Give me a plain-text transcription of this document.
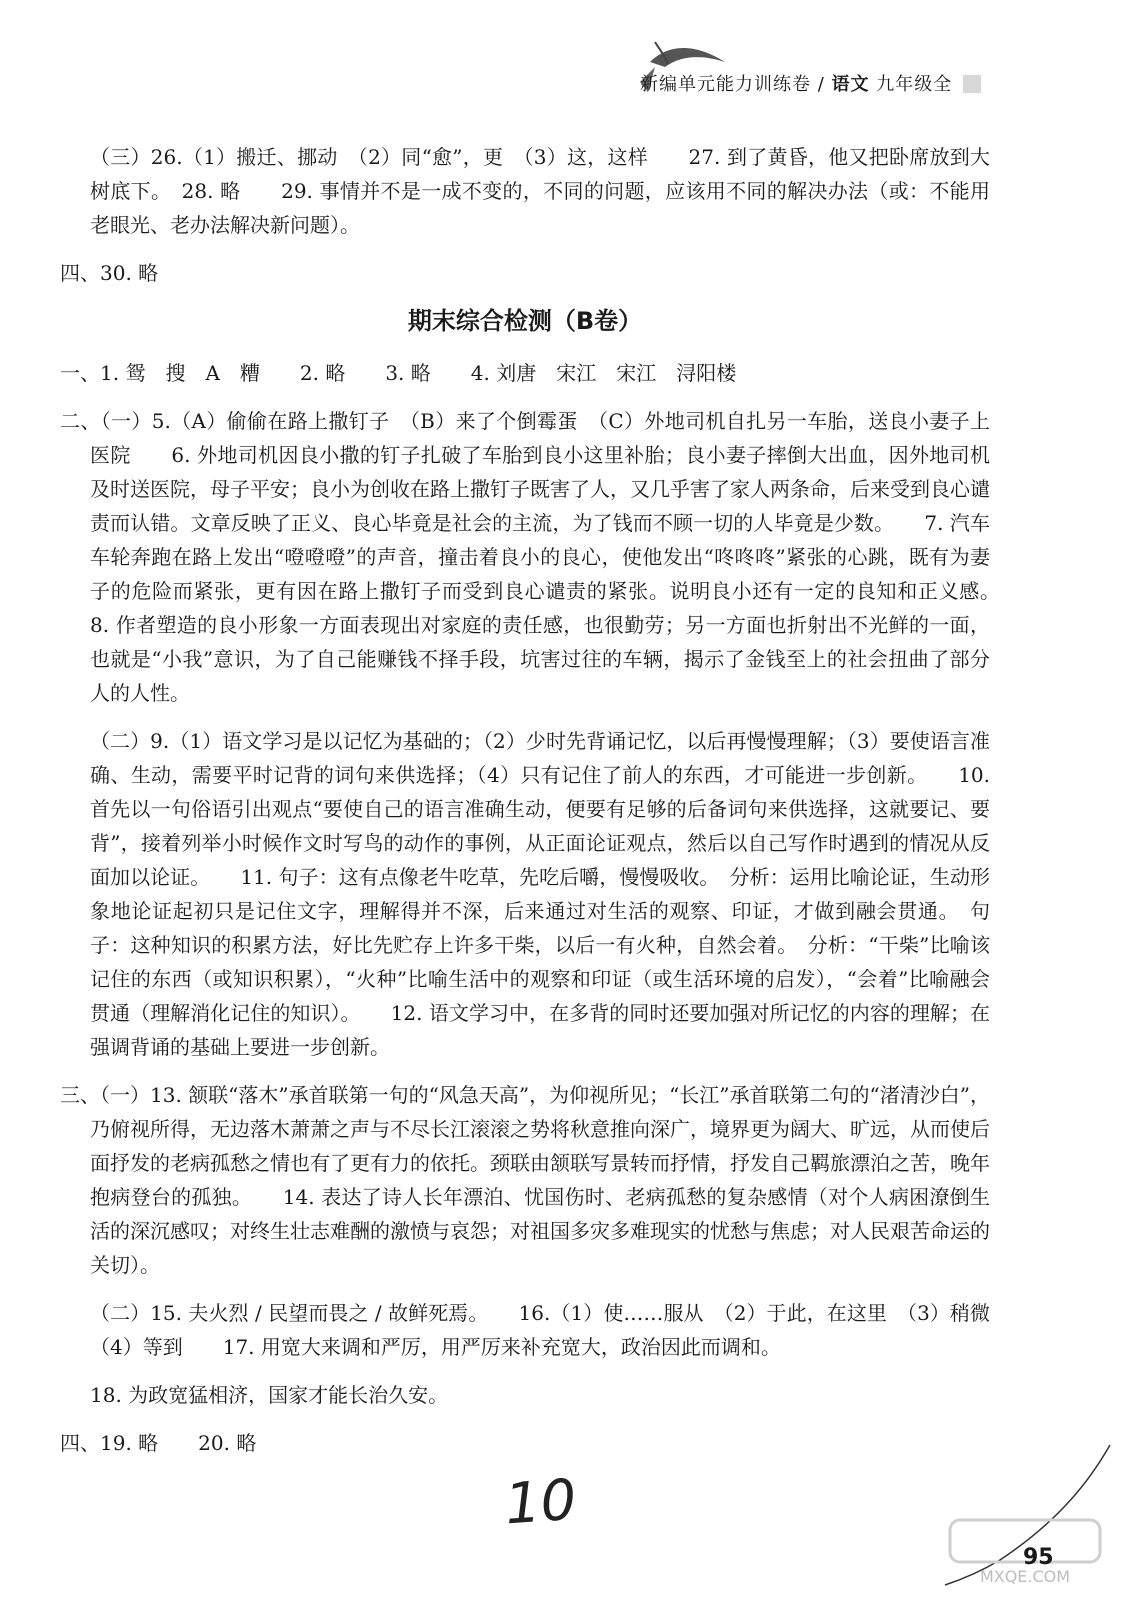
新编单元能力训练卷 / 语文 九年级全

（三）26.（1）搬迁、挪动　（2）同“愈”，更　（3）这，这样　　27. 到了黄昏，他又把卧席放到大树底下。　28. 略　　29. 事情并不是一成不变的，不同的问题，应该用不同的解决办法（或：不能用老眼光、老办法解决新问题）。

四、30. 略

期末综合检测（B卷）

一、1. 鸳　搜　A　糟　　2. 略　　3. 略　　4. 刘唐　宋江　宋江　浔阳楼

二、（一）5.（A）偷偷在路上撒钉子　（B）来了个倒霉蛋　（C）外地司机自扎另一车胎，送良小妻子上医院　　6. 外地司机因良小撒的钉子扎破了车胎到良小这里补胎；良小妻子摔倒大出血，因外地司机及时送医院，母子平安；良小为创收在路上撒钉子既害了人，又几乎害了家人两条命，后来受到良心谴责而认错。文章反映了正义、良心毕竟是社会的主流，为了钱而不顾一切的人毕竟是少数。　　7. 汽车车轮奔跑在路上发出“噔噔噔”的声音，撞击着良小的良心，使他发出“咚咚咚”紧张的心跳，既有为妻子的危险而紧张，更有因在路上撒钉子而受到良心谴责的紧张。说明良小还有一定的良知和正义感。　　8. 作者塑造的良小形象一方面表现出对家庭的责任感，也很勤劳；另一方面也折射出不光鲜的一面，也就是“小我”意识，为了自己能赚钱不择手段，坑害过往的车辆，揭示了金钱至上的社会扭曲了部分人的人性。

（二）9.（1）语文学习是以记忆为基础的；（2）少时先背诵记忆，以后再慢慢理解；（3）要使语言准确、生动，需要平时记背的词句来供选择；（4）只有记住了前人的东西，才可能进一步创新。　　10. 首先以一句俗语引出观点“要使自己的语言准确生动，便要有足够的后备词句来供选择，这就要记、要背”，接着列举小时候作文时写鸟的动作的事例，从正面论证观点，然后以自己写作时遇到的情况从反面加以论证。　　11. 句子：这有点像老牛吃草，先吃后嚼，慢慢吸收。　分析：运用比喻论证，生动形象地论证起初只是记住文字，理解得并不深，后来通过对生活的观察、印证，才做到融会贯通。　句子：这种知识的积累方法，好比先贮存上许多干柴，以后一有火种，自然会着。　分析：“干柴”比喻该记住的东西（或知识积累），“火种”比喻生活中的观察和印证（或生活环境的启发），“会着”比喻融会贯通（理解消化记住的知识）。　　12. 语文学习中，在多背的同时还要加强对所记忆的内容的理解；在强调背诵的基础上要进一步创新。

三、（一）13. 颔联“落木”承首联第一句的“风急天高”，为仰视所见；“长江”承首联第二句的“渚清沙白”，乃俯视所得，无边落木萧萧之声与不尽长江滚滚之势将秋意推向深广，境界更为阔大、旷远，从而使后面抒发的老病孤愁之情也有了更有力的依托。颈联由颔联写景转而抒情，抒发自己羁旅漂泊之苦，晚年抱病登台的孤独。　　14. 表达了诗人长年漂泊、忧国伤时、老病孤愁的复杂感情（对个人病困潦倒生活的深沉感叹；对终生壮志难酬的激愤与哀怨；对祖国多灾多难现实的忧愁与焦虑；对人民艰苦命运的关切）。

（二）15. 夫火烈 / 民望而畏之 / 故鲜死焉。　　16.（1）使……服从　（2）于此，在这里　（3）稍微　（4）等到　　17. 用宽大来调和严厉，用严厉来补充宽大，政治因此而调和。

18. 为政宽猛相济，国家才能长治久安。

四、19. 略　　20. 略

10
MXQE.COM
95
